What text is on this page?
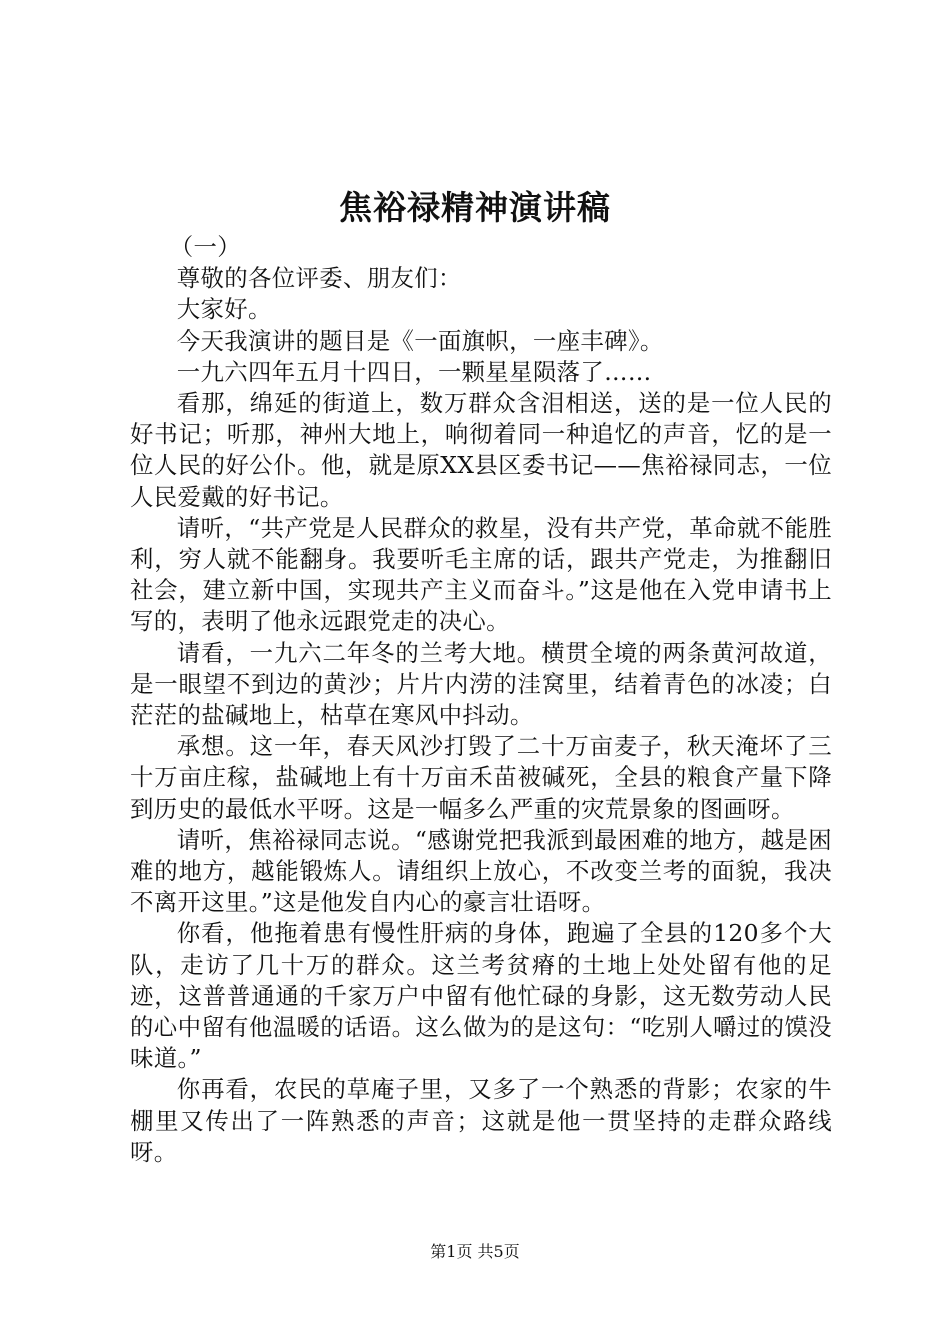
焦裕禄精神演讲稿

（一）

尊敬的各位评委、朋友们：

大家好。

今天我演讲的题目是《一面旗帜，一座丰碑》。

一九六四年五月十四日，一颗星星陨落了……

看那，绵延的街道上，数万群众含泪相送，送的是一位人民的好书记；听那，神州大地上，响彻着同一种追忆的声音，忆的是一位人民的好公仆。他，就是原XX县区委书记——焦裕禄同志，一位人民爱戴的好书记。

请听，“共产党是人民群众的救星，没有共产党，革命就不能胜利，穷人就不能翻身。我要听毛主席的话，跟共产党走，为推翻旧社会，建立新中国，实现共产主义而奋斗。”这是他在入党申请书上写的，表明了他永远跟党走的决心。

请看，一九六二年冬的兰考大地。横贯全境的两条黄河故道，是一眼望不到边的黄沙；片片内涝的洼窝里，结着青色的冰凌；白茫茫的盐碱地上，枯草在寒风中抖动。

承想。这一年，春天风沙打毁了二十万亩麦子，秋天淹坏了三十万亩庄稼，盐碱地上有十万亩禾苗被碱死，全县的粮食产量下降到历史的最低水平呀。这是一幅多么严重的灾荒景象的图画呀。

请听，焦裕禄同志说。“感谢党把我派到最困难的地方，越是困难的地方，越能锻炼人。请组织上放心，不改变兰考的面貌，我决不离开这里。”这是他发自内心的豪言壮语呀。

你看，他拖着患有慢性肝病的身体，跑遍了全县的120多个大队，走访了几十万的群众。这兰考贫瘠的土地上处处留有他的足迹，这普普通通的千家万户中留有他忙碌的身影，这无数劳动人民的心中留有他温暖的话语。这么做为的是这句：“吃别人嚼过的馍没味道。”

你再看，农民的草庵子里，又多了一个熟悉的背影；农家的牛棚里又传出了一阵熟悉的声音；这就是他一贯坚持的走群众路线呀。

第1页 共5页
